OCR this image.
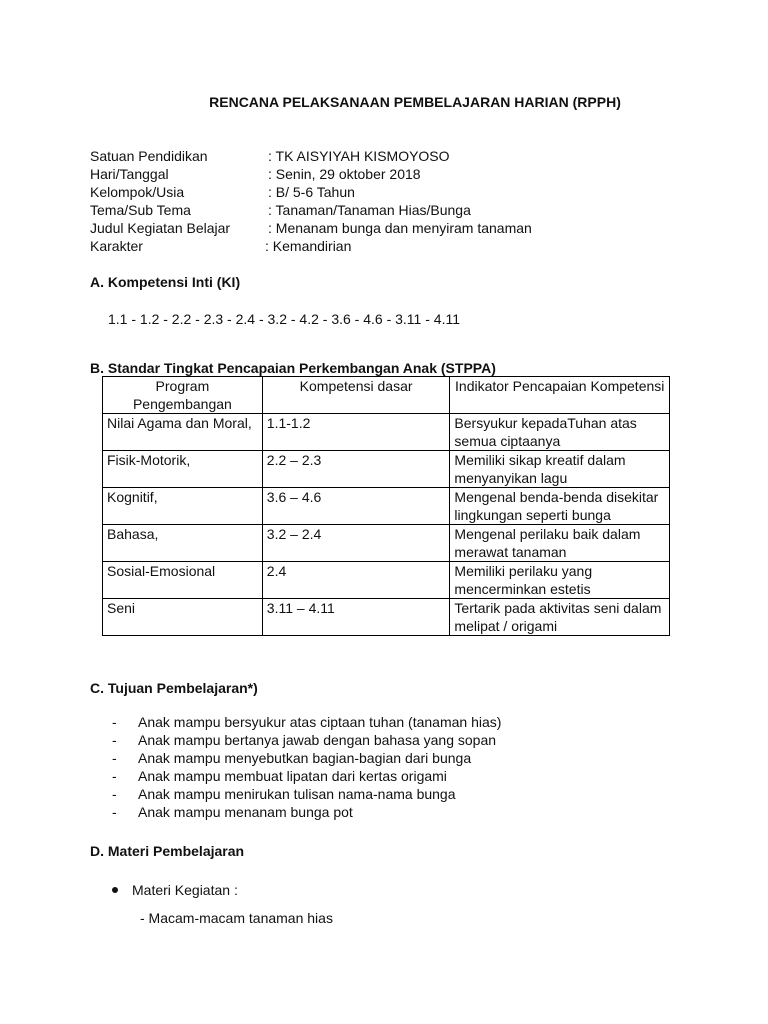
RENCANA PELAKSANAAN PEMBELAJARAN HARIAN (RPPH)
Satuan Pendidikan	: TK AISYIYAH KISMOYOSO
Hari/Tanggal	: Senin, 29 oktober 2018
Kelompok/Usia	: B/ 5-6 Tahun
Tema/Sub Tema	: Tanaman/Tanaman Hias/Bunga
Judul Kegiatan Belajar	: Menanam bunga dan menyiram tanaman
Karakter	: Kemandirian
A. Kompetensi Inti (KI)
1.1 - 1.2 - 2.2 - 2.3 - 2.4 - 3.2 - 4.2 - 3.6 - 4.6 - 3.11 - 4.11
B. Standar Tingkat Pencapaian Perkembangan Anak (STPPA)
Program Pengembangan	Kompetensi dasar	Indikator Pencapaian Kompetensi
Nilai Agama dan Moral,	1.1-1.2	Bersyukur kepadaTuhan atas semua ciptaanya
Fisik-Motorik,	2.2 – 2.3	Memiliki sikap kreatif dalam menyanyikan lagu
Kognitif,	3.6 – 4.6	Mengenal benda-benda disekitar lingkungan seperti bunga
Bahasa,	3.2 – 2.4	Mengenal perilaku baik dalam merawat tanaman
Sosial-Emosional	2.4	Memiliki perilaku yang mencerminkan estetis
Seni	3.11 – 4.11	Tertarik pada aktivitas seni dalam melipat / origami
C. Tujuan Pembelajaran*)
- Anak mampu bersyukur atas ciptaan tuhan (tanaman hias)
- Anak mampu bertanya jawab dengan bahasa yang sopan
- Anak mampu menyebutkan bagian-bagian dari bunga
- Anak mampu membuat lipatan dari kertas origami
- Anak mampu menirukan tulisan nama-nama bunga
- Anak mampu menanam bunga pot
D. Materi Pembelajaran
Materi Kegiatan :
- Macam-macam tanaman hias
